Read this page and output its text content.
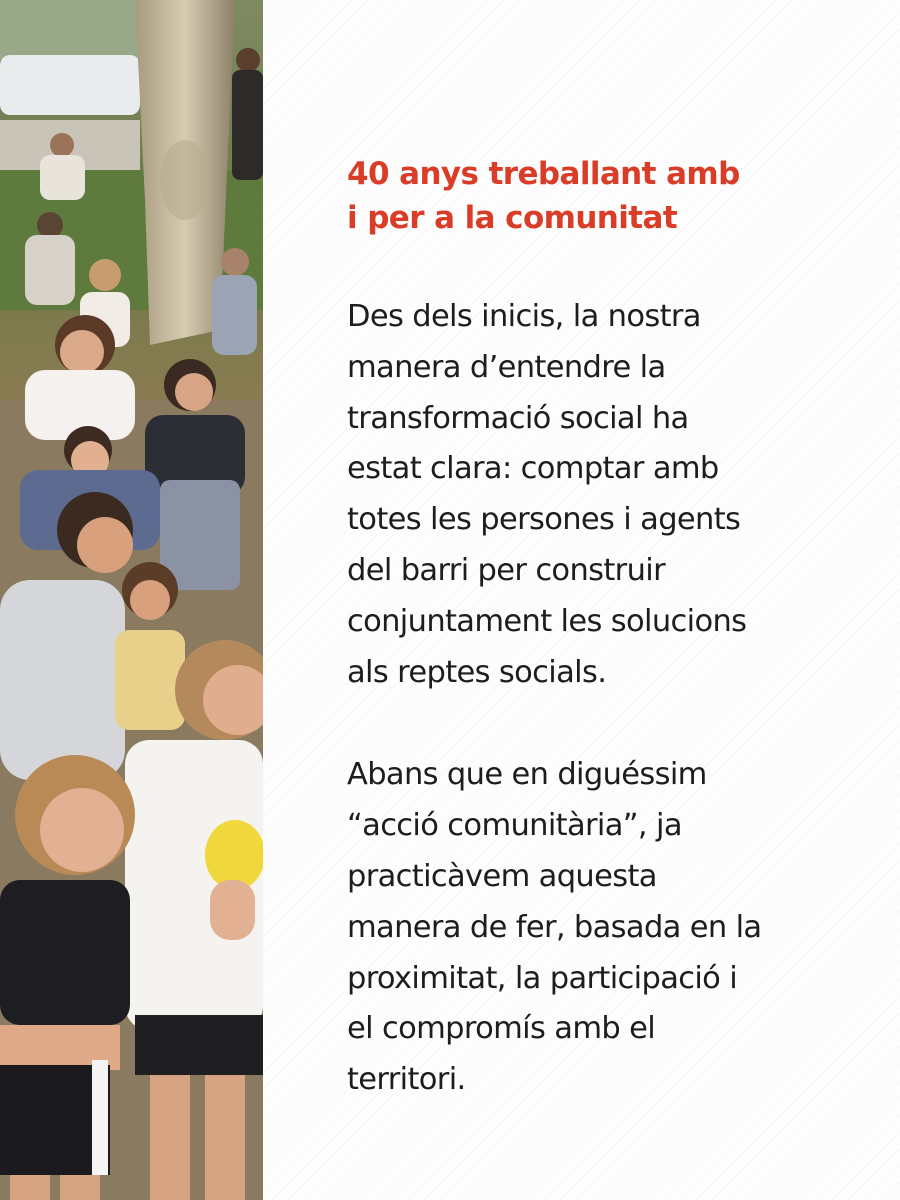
40 anys treballant amb
i per a la comunitat

Des dels inicis, la nostra
manera d’entendre la
transformació social ha
estat clara: comptar amb
totes les persones i agents
del barri per construir
conjuntament les solucions
als reptes socials.

Abans que en diguéssim
“acció comunitària”, ja
practicàvem aquesta
manera de fer, basada en la
proximitat, la participació i
el compromís amb el
territori.
